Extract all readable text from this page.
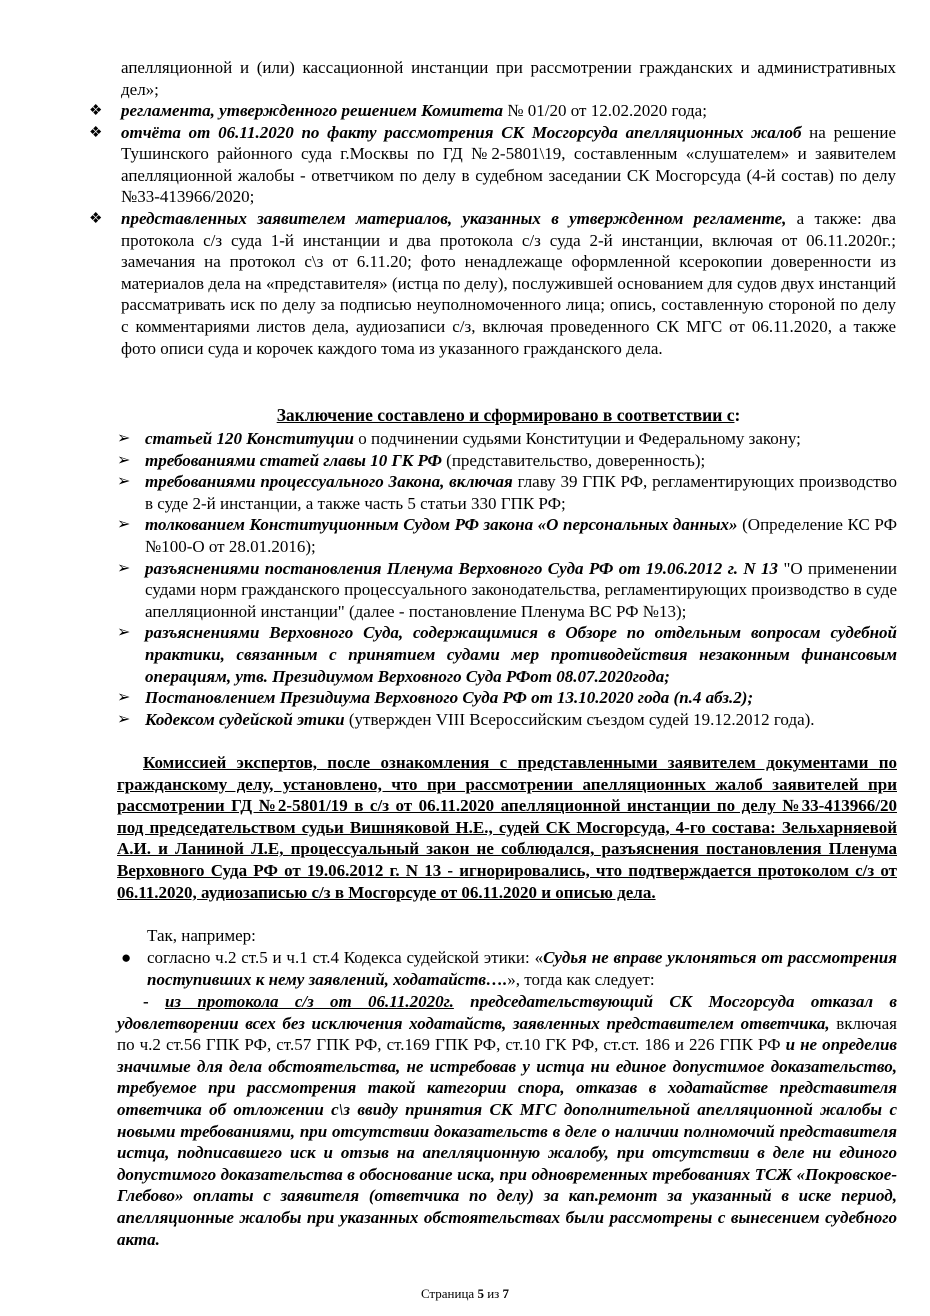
апелляционной и (или) кассационной инстанции при рассмотрении гражданских и административных дел»;
❖ регламента, утвержденного решением Комитета № 01/20 от 12.02.2020 года;
❖ отчёта от 06.11.2020 по факту рассмотрения СК Мосгорсуда апелляционных жалоб на решение Тушинского районного суда г.Москвы по ГД №2-5801\19, составленным «слушателем» и заявителем апелляционной жалобы - ответчиком по делу в судебном заседании СК Мосгорсуда (4-й состав) по делу №33-413966/2020;
❖ представленных заявителем материалов, указанных в утвержденном регламенте, а также: два протокола с/з суда 1-й инстанции и два протокола с/з суда 2-й инстанции, включая от 06.11.2020г.; замечания на протокол с\з от 6.11.20; фото ненадлежаще оформленной ксерокопии доверенности из материалов дела на «представителя» (истца по делу), послужившей основанием для судов двух инстанций рассматривать иск по делу за подписью неуполномоченного лица; опись, составленную стороной по делу с комментариями листов дела, аудиозаписи с/з, включая проведенного СК МГС от 06.11.2020, а также фото описи суда и корочек каждого тома из указанного гражданского дела.
Заключение составлено и сформировано в соответствии с:
➢ статьей 120 Конституции о подчинении судьями Конституции и Федеральному закону;
➢ требованиями статей главы 10 ГК РФ (представительство, доверенность);
➢ требованиями процессуального Закона, включая главу 39 ГПК РФ, регламентирующих производство в суде 2-й инстанции, а также часть 5 статьи 330 ГПК РФ;
➢ толкованием Конституционным Судом РФ закона «О персональных данных» (Определение КС РФ №100-О от 28.01.2016);
➢ разъяснениями постановления Пленума Верховного Суда РФ от 19.06.2012 г. N 13 "О применении судами норм гражданского процессуального законодательства, регламентирующих производство в суде апелляционной инстанции" (далее - постановление Пленума ВС РФ №13);
➢ разъяснениями Верховного Суда, содержащимися в Обзоре по отдельным вопросам судебной практики, связанным с принятием судами мер противодействия незаконным финансовым операциям, утв. Президиумом Верховного Суда РФот 08.07.2020года;
➢ Постановлением Президиума Верховного Суда РФ от 13.10.2020 года (п.4 абз.2);
➢ Кодексом судейской этики (утвержден VIII Всероссийским съездом судей 19.12.2012 года).
Комиссией экспертов, после ознакомления с представленными заявителем документами по гражданскому делу, установлено, что при рассмотрении апелляционных жалоб заявителей при рассмотрении ГД №2-5801/19 в с/з от 06.11.2020 апелляционной инстанции по делу №33-413966/20 под председательством судьи Вишняковой Н.Е., судей СК Мосгорсуда, 4-го состава: Зельхарняевой А.И. и Ланиной Л.Е, процессуальный закон не соблюдался, разъяснения постановления Пленума Верховного Суда РФ от 19.06.2012 г. N 13 - игнорировались, что подтверждается протоколом с/з от 06.11.2020, аудиозаписью с/з в Мосгорсуде от 06.11.2020 и описью дела.
Так, например:
● согласно ч.2 ст.5 и ч.1 ст.4 Кодекса судейской этики: «Судья не вправе уклоняться от рассмотрения поступивших к нему заявлений, ходатайств….», тогда как следует:
- из протокола с/з от 06.11.2020г. председательствующий СК Мосгорсуда отказал в удовлетворении всех без исключения ходатайств, заявленных представителем ответчика, включая по ч.2 ст.56 ГПК РФ, ст.57 ГПК РФ, ст.169 ГПК РФ, ст.10 ГК РФ, ст.ст. 186 и 226 ГПК РФ и не определив значимые для дела обстоятельства, не истребовав у истца ни единое допустимое доказательство, требуемое при рассмотрения такой категории спора, отказав в ходатайстве представителя ответчика об отложении с\з ввиду принятия СК МГС дополнительной апелляционной жалобы с новыми требованиями, при отсутствии доказательств в деле о наличии полномочий представителя истца, подписавшего иск и отзыв на апелляционную жалобу, при отсутствии в деле ни единого допустимого доказательства в обоснование иска, при одновременных требованиях ТСЖ «Покровское-Глебово» оплаты с заявителя (ответчика по делу) за кап.ремонт за указанный в иске период, апелляционные жалобы при указанных обстоятельствах были рассмотрены с вынесением судебного акта.
Страница 5 из 7
